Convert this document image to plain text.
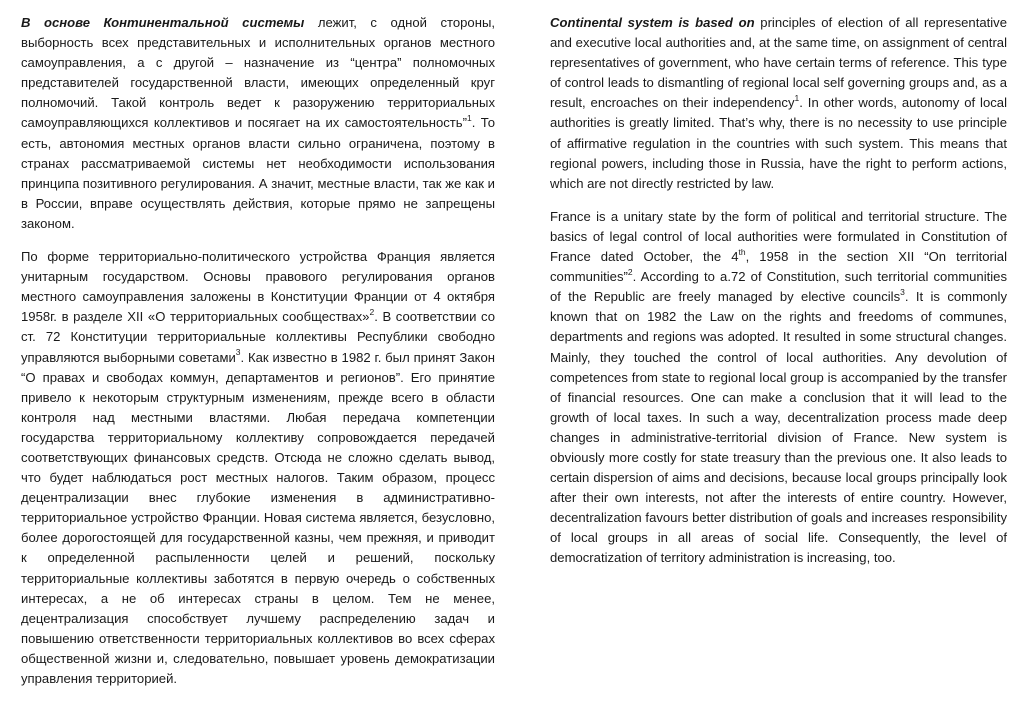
В основе Континентальной системы лежит, с одной стороны, выборность всех представительных и исполнительных органов местного самоуправления, а с другой – назначение из “центра” полномочных представителей государственной власти, имеющих определенный круг полномочий. Такой контроль ведет к разоружению территориальных самоуправляющихся коллективов и посягает на их самостоятельность”$^1$. То есть, автономия местных органов власти сильно ограничена, поэтому в странах рассматриваемой системы нет необходимости использования принципа позитивного регулирования. А значит, местные власти, так же как и в России, вправе осуществлять действия, которые прямо не запрещены законом.

По форме территориально-политического устройства Франция является унитарным государством. Основы правового регулирования органов местного самоуправления заложены в Конституции Франции от 4 октября 1958г. в разделе XII «О территориальных сообществах»$^2$. В соответствии со ст. 72 Конституции территориальные коллективы Республики свободно управляются выборными советами$^3$. Как известно в 1982 г. был принят Закон “О правах и свободах коммун, департаментов и регионов”. Его принятие привело к некоторым структурным изменениям, прежде всего в области контроля над местными властями. Любая передача компетенции государства территориальному коллективу сопровождается передачей соответствующих финансовых средств. Отсюда не сложно сделать вывод, что будет наблюдаться рост местных налогов. Таким образом, процесс децентрализации внес глубокие изменения в административно-территориальное устройство Франции. Новая система является, безусловно, более дорогостоящей для государственной казны, чем прежняя, и приводит к определенной распыленности целей и решений, поскольку территориальные коллективы заботятся в первую очередь о собственных интересах, а не об интересах страны в целом. Тем не менее, децентрализация способствует лучшему распределению задач и повышению ответственности территориальных коллективов во всех сферах общественной жизни и, следовательно, повышает уровень демократизации управления территорией.

Continental system is based on principles of election of all representative and executive local authorities and, at the same time, on assignment of central representatives of government, who have certain terms of reference. This type of control leads to dismantling of regional local self governing groups and, as a result, encroaches on their independency$^1$. In other words, autonomy of local authorities is greatly limited. That’s why, there is no necessity to use principle of affirmative regulation in the countries with such system. This means that regional powers, including those in Russia, have the right to perform actions, which are not directly restricted by law.

France is a unitary state by the form of political and territorial structure. The basics of legal control of local authorities were formulated in Constitution of France dated October, the 4th, 1958 in the section XII “On territorial communities”$^2$. According to a.72 of Constitution, such territorial communities of the Republic are freely managed by elective councils$^3$. It is commonly known that on 1982 the Law on the rights and freedoms of communes, departments and regions was adopted. It resulted in some structural changes. Mainly, they touched the control of local authorities. Any devolution of competences from state to regional local group is accompanied by the transfer of financial resources. One can make a conclusion that it will lead to the growth of local taxes. In such a way, decentralization process made deep changes in administrative-territorial division of France. New system is obviously more costly for state treasury than the previous one. It also leads to certain dispersion of aims and decisions, because local groups principally look after their own interests, not after the interests of entire country. However, decentralization favours better distribution of goals and increases responsibility of local groups in all areas of social life. Consequently, the level of democratization of territory administration is increasing, too.
